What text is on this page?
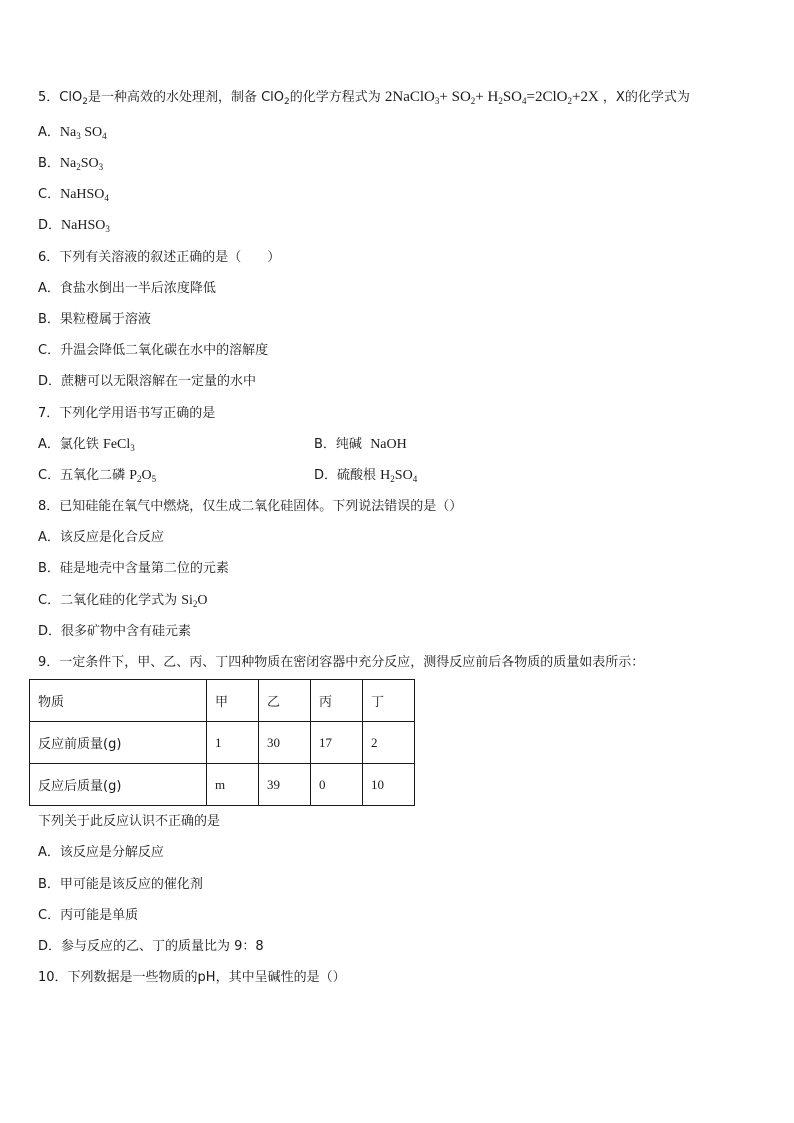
5．ClO$_2$是一种高效的水处理剂，制备 ClO$_2$的化学方程式为 2NaClO$_3$+ $SO_2+ H_2SO_4=2ClO_2+2X$ ，X的化学式为
A．$Na_3$ $SO_4$
B．$Na_2SO_3$
C．NaHSO$_4$
D．NaHSO$_3$
6．下列有关溶液的叙述正确的是（　　）
A．食盐水倒出一半后浓度降低
B．果粒橙属于溶液
C．升温会降低二氧化碳在水中的溶解度
D．蔗糖可以无限溶解在一定量的水中
7．下列化学用语书写正确的是
A．氯化铁 FeCl$_3$	B．纯碱 NaOH
C．五氧化二磷 $P_2O_5$	D．硫酸根 $H_2SO_4$
8．已知硅能在氧气中燃烧，仅生成二氧化硅固体。下列说法错误的是（）
A．该反应是化合反应
B．硅是地壳中含量第二位的元素
C．二氧化硅的化学式为 $Si_2O$
D．很多矿物中含有硅元素
9．一定条件下，甲、乙、丙、丁四种物质在密闭容器中充分反应，测得反应前后各物质的质量如表所示：
物质	甲	乙	丙	丁
反应前质量(g)	1	30	17	2
反应后质量(g)	m	39	0	10
下列关于此反应认识不正确的是
A．该反应是分解反应
B．甲可能是该反应的催化剂
C．丙可能是单质
D．参与反应的乙、丁的质量比为 9：8
10．下列数据是一些物质的pH，其中呈碱性的是（）
